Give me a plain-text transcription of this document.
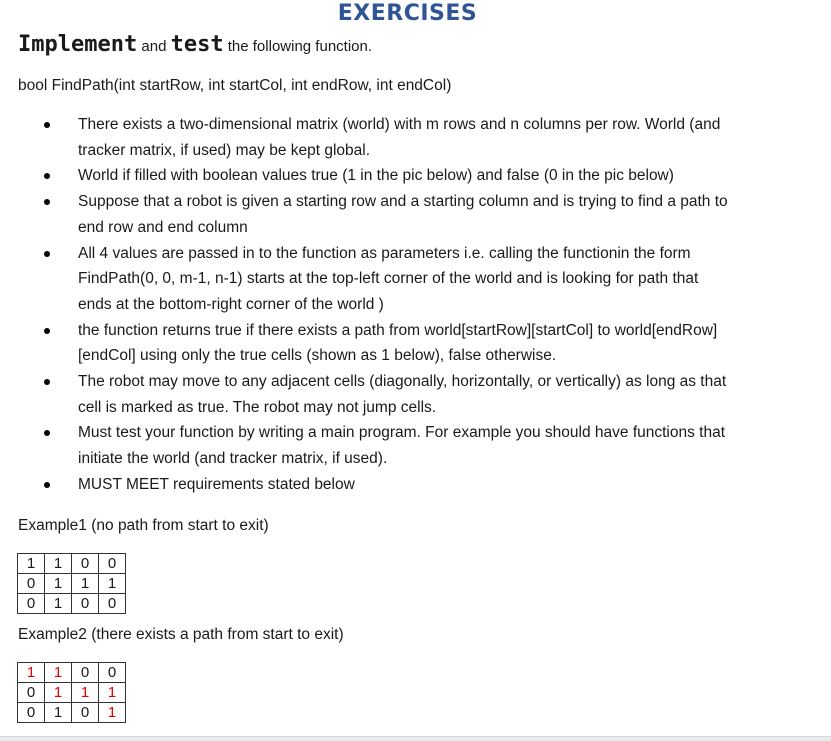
EXERCISES
Implement and test the following function.
bool FindPath(int startRow, int startCol, int endRow, int endCol)
There exists a two-dimensional matrix (world) with m rows and n columns per row. World (and
tracker matrix, if used) may be kept global.
World if filled with boolean values true (1 in the pic below) and false (0 in the pic below)
Suppose that a robot is given a starting row and a starting column and is trying to find a path to
end row and end column
All 4 values are passed in to the function as parameters i.e. calling the functionin the form
FindPath(0, 0, m-1, n-1) starts at the top-left corner of the world and is looking for path that
ends at the bottom-right corner of the world )
the function returns true if there exists a path from world[startRow][startCol] to world[endRow]
[endCol] using only the true cells (shown as 1 below), false otherwise.
The robot may move to any adjacent cells (diagonally, horizontally, or vertically) as long as that
cell is marked as true. The robot may not jump cells.
Must test your function by writing a main program. For example you should have functions that
initiate the world (and tracker matrix, if used).
MUST MEET requirements stated below
Example1 (no path from start to exit)
1	1	0	0
0	1	1	1
0	1	0	0
Example2 (there exists a path from start to exit)
1	1	0	0
0	1	1	1
0	1	0	1
